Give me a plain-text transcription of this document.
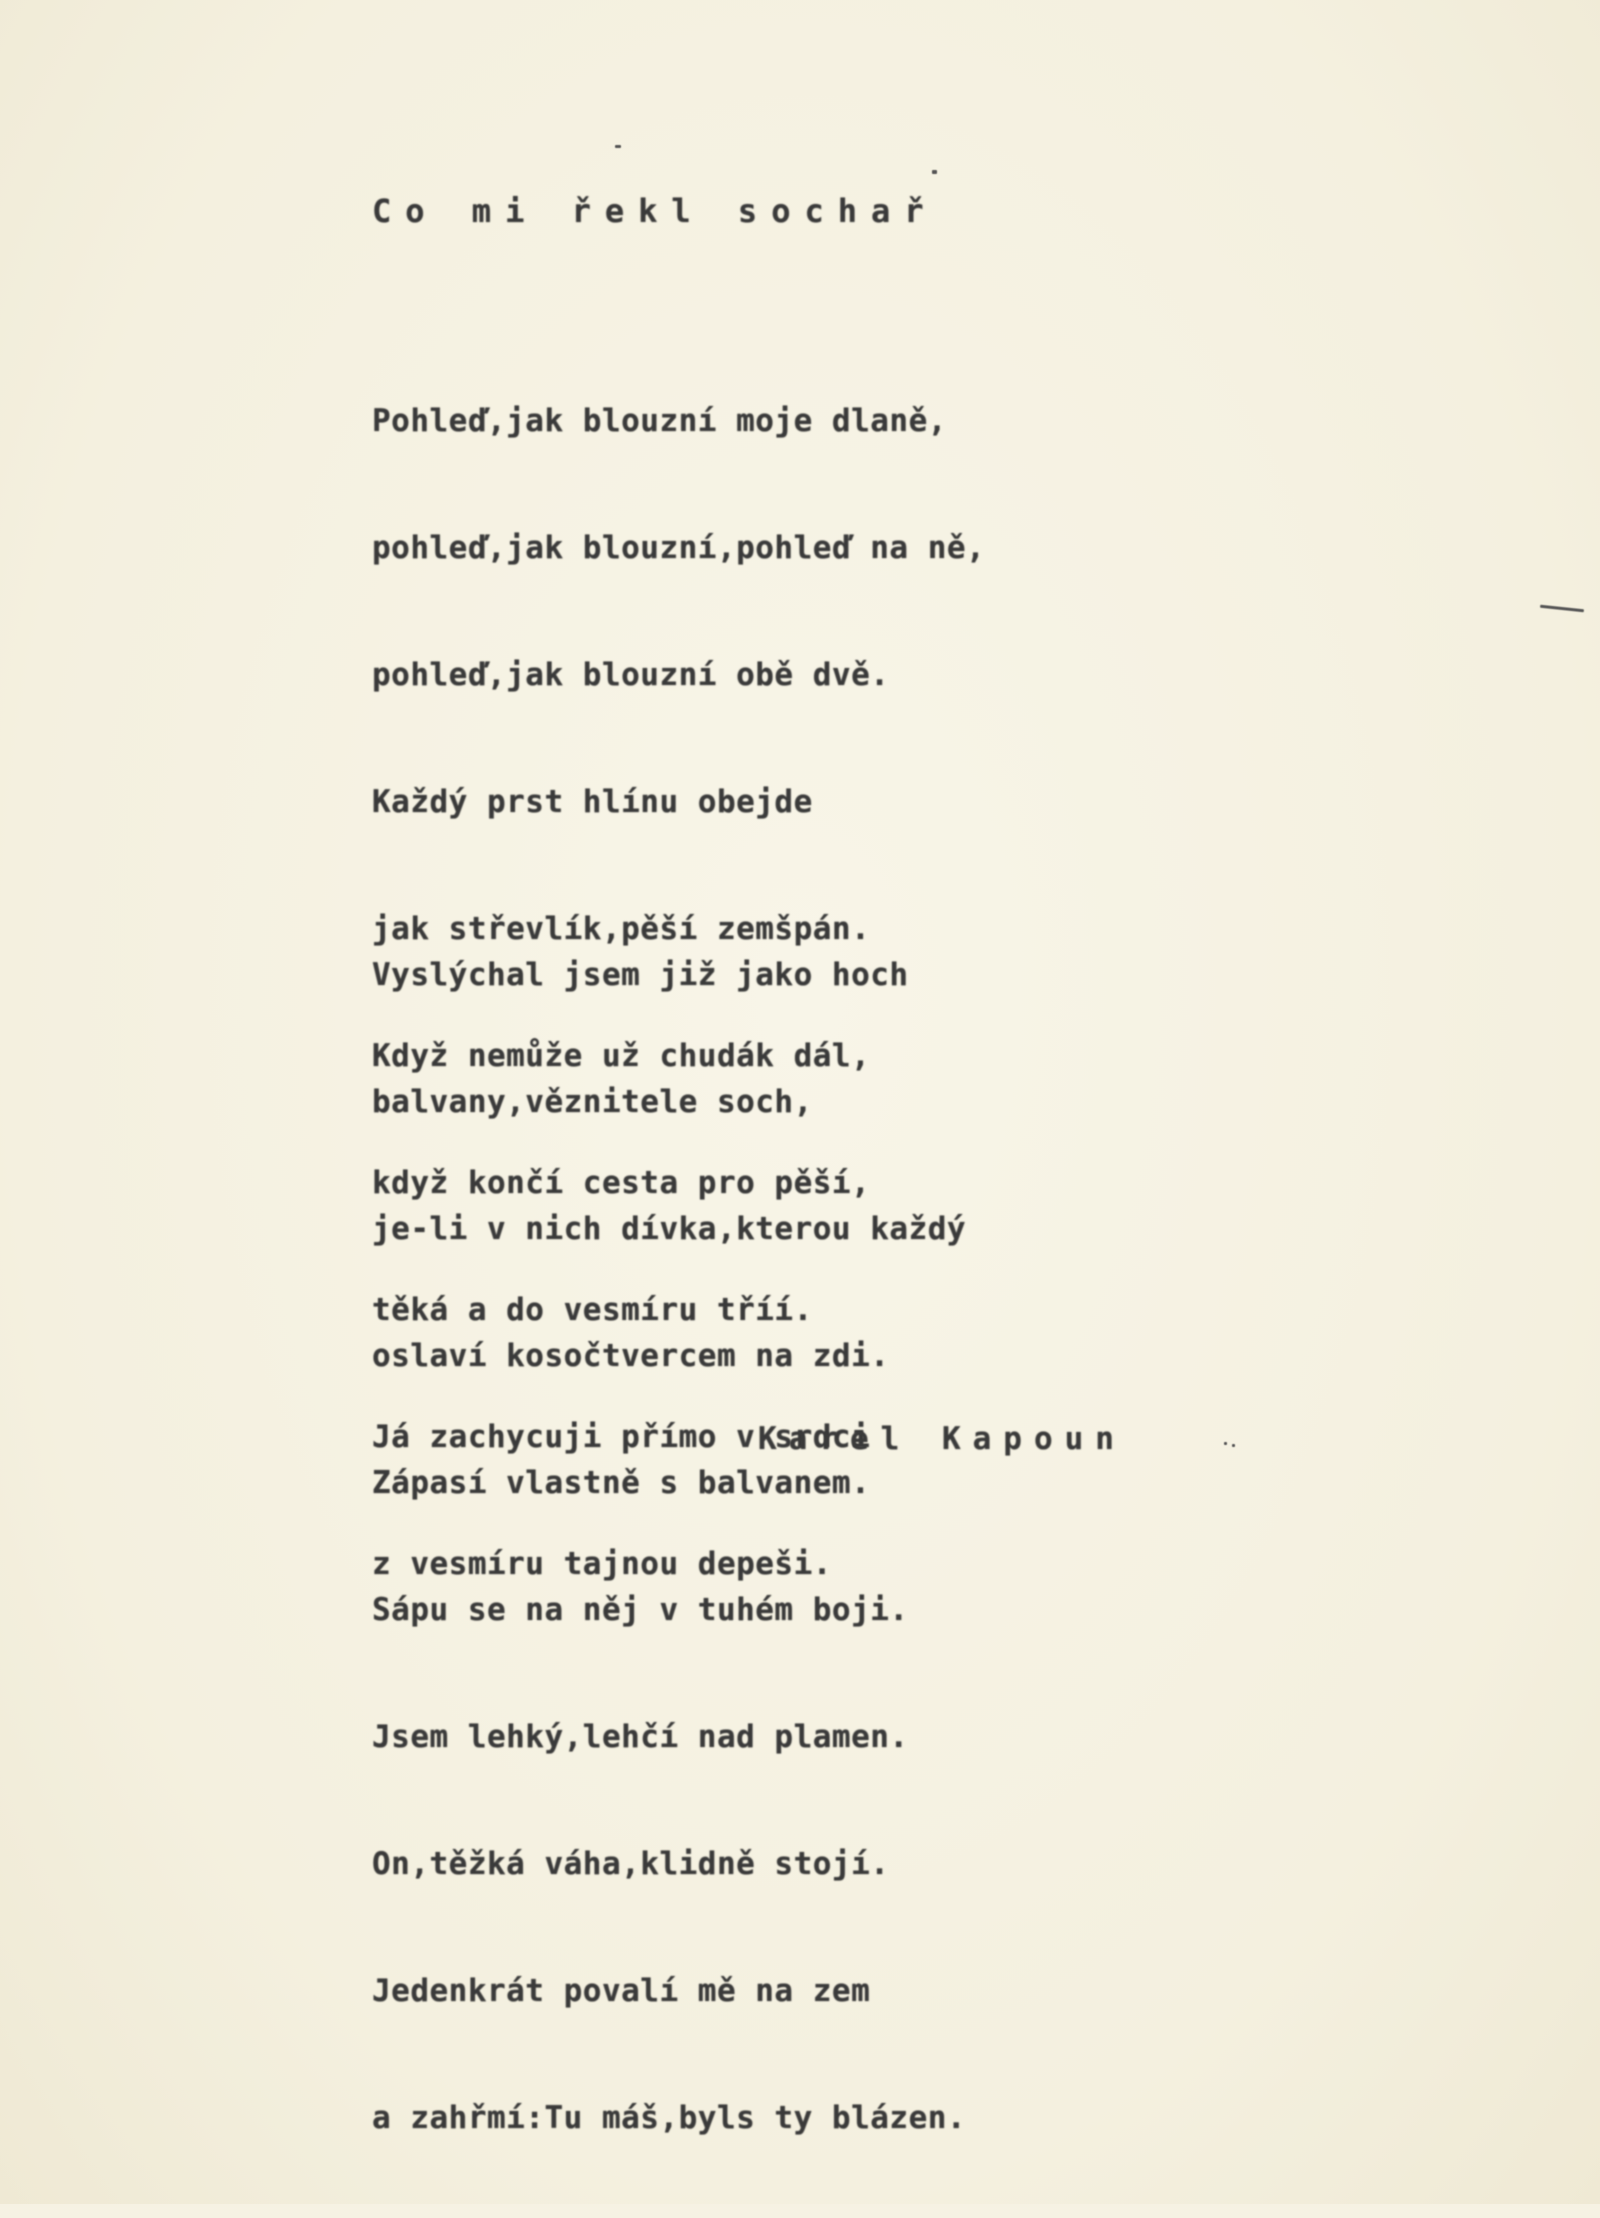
Co mi řekl sochař

Pohleď,jak blouzní moje dlaně,

pohleď,jak blouzní,pohleď na ně,

pohleď,jak blouzní obě dvě.

Každý prst hlínu obejde

jak střevlík,pěší zemšpán.

Když nemůže už chudák dál,

když končí cesta pro pěší,

těká a do vesmíru tříí.

Já zachycuji přímo v srdci

z vesmíru tajnou depeši.

Vyslýchal jsem již jako hoch

balvany,věznitele soch,

je-li v nich dívka,kterou každý

oslaví kosočtvercem na zdi.

Zápasí vlastně s balvanem.

Sápu se na něj v tuhém boji.

Jsem lehký,lehčí nad plamen.

On,těžká váha,klidně stojí.

Jedenkrát povalí mě na zem

a zahřmí:Tu máš,byls ty blázen.

Karel Kapoun
